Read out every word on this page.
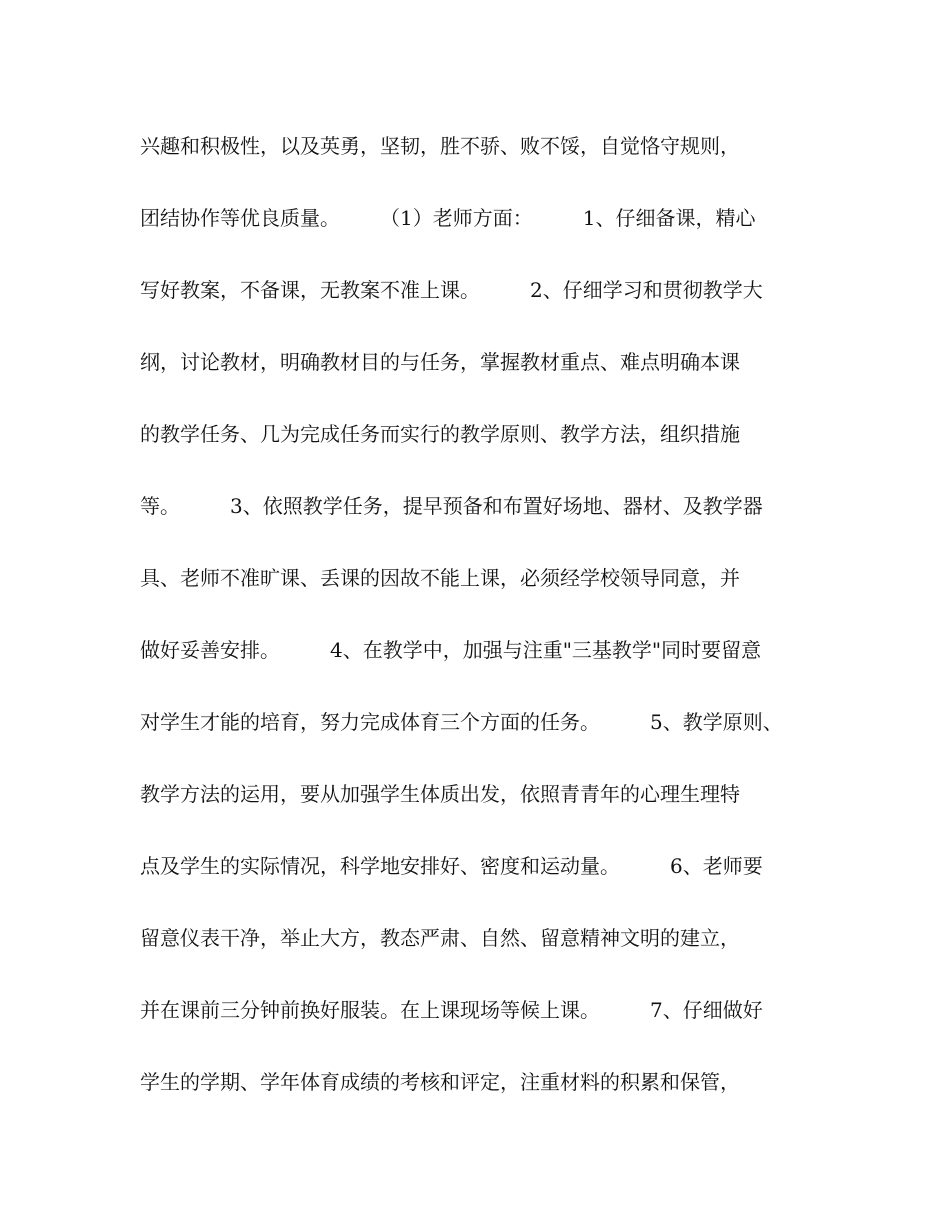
兴趣和积极性，以及英勇，坚韧，胜不骄、败不馁，自觉恪守规则，
团结协作等优良质量。　　　（1）老师方面：　　　1、仔细备课，精心
写好教案，不备课，无教案不准上课。　　　2、仔细学习和贯彻教学大
纲，讨论教材，明确教材目的与任务，掌握教材重点、难点明确本课
的教学任务、几为完成任务而实行的教学原则、教学方法，组织措施
等。　　　3、依照教学任务，提早预备和布置好场地、器材、及教学器
具、老师不准旷课、丢课的因故不能上课，必须经学校领导同意，并
做好妥善安排。　　　4、在教学中，加强与注重"三基教学"同时要留意
对学生才能的培育，努力完成体育三个方面的任务。　　　5、教学原则、
教学方法的运用，要从加强学生体质出发，依照青青年的心理生理特
点及学生的实际情况，科学地安排好、密度和运动量。　　　6、老师要
留意仪表干净，举止大方，教态严肃、自然、留意精神文明的建立，
并在课前三分钟前换好服装。在上课现场等候上课。　　　7、仔细做好
学生的学期、学年体育成绩的考核和评定，注重材料的积累和保管，
